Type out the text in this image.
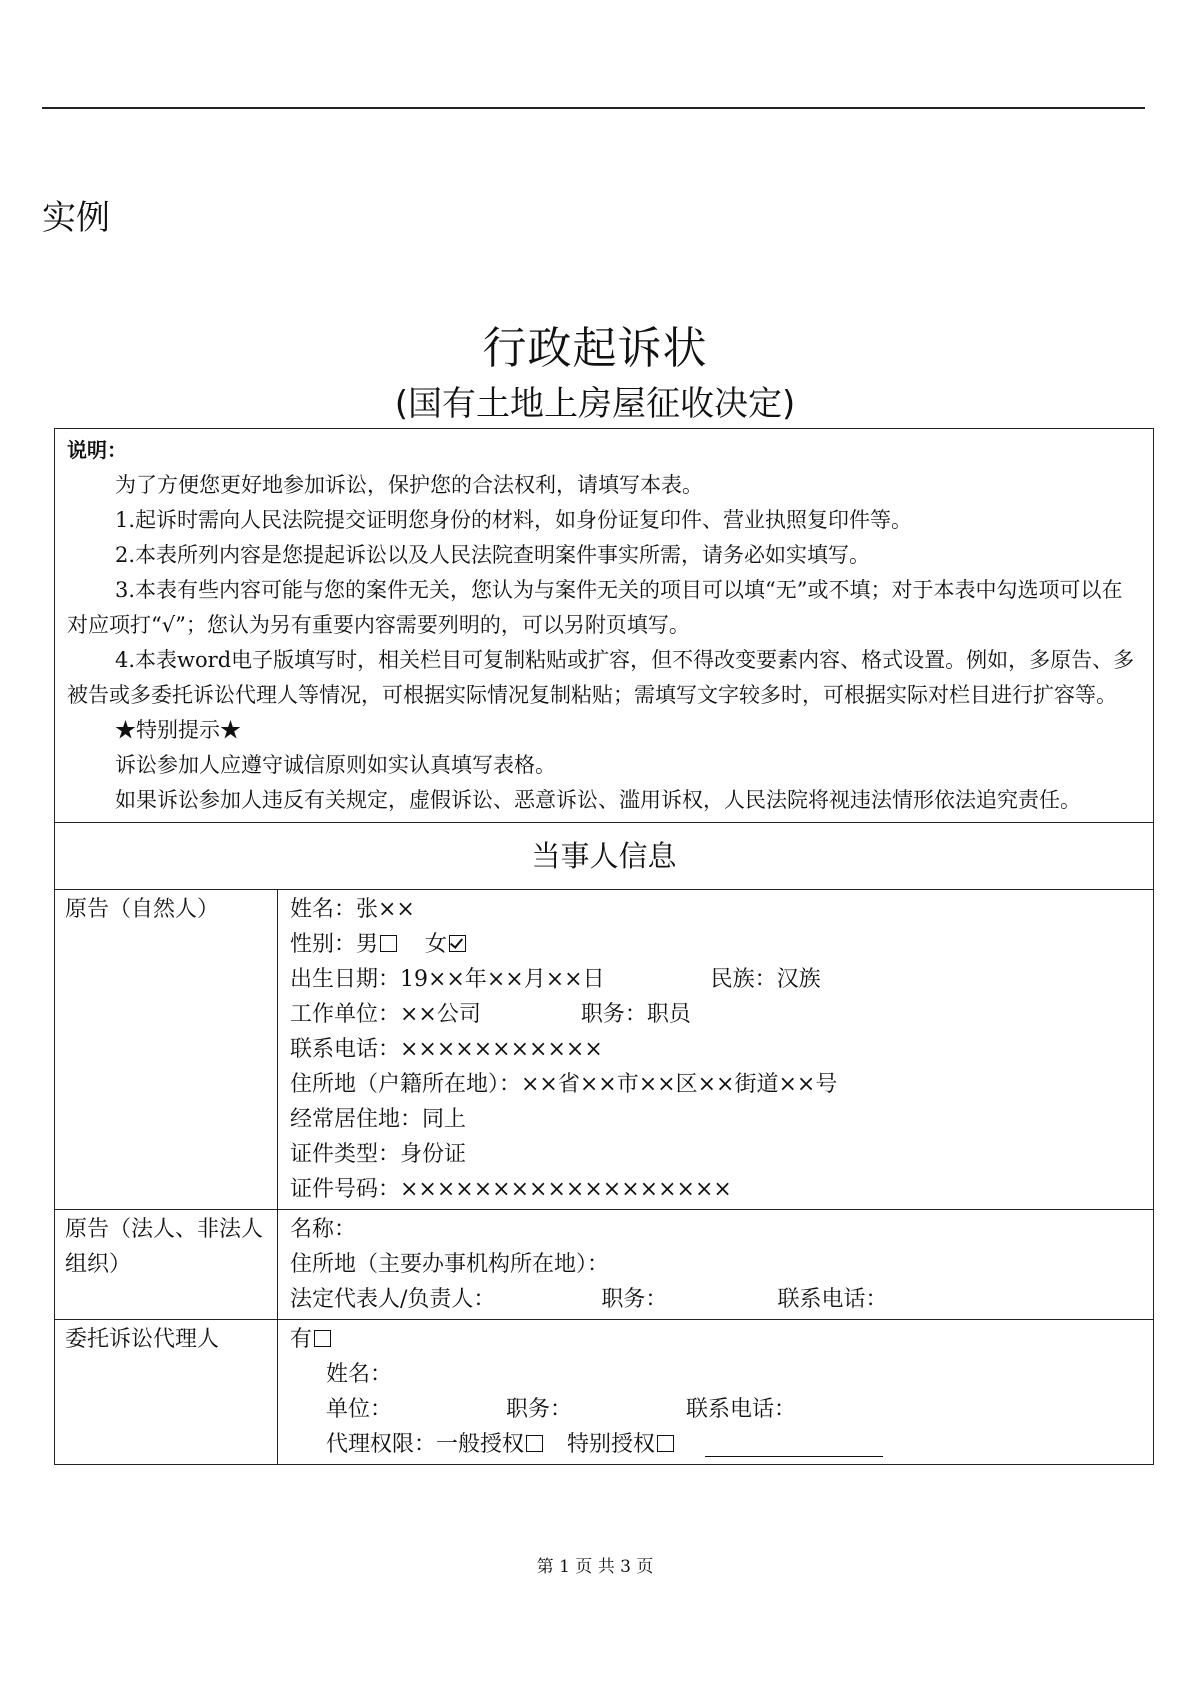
实例
行政起诉状
(国有土地上房屋征收决定)
说明：

为了方便您更好地参加诉讼，保护您的合法权利，请填写本表。

1.起诉时需向人民法院提交证明您身份的材料，如身份证复印件、营业执照复印件等。

2.本表所列内容是您提起诉讼以及人民法院查明案件事实所需，请务必如实填写。

3.本表有些内容可能与您的案件无关，您认为与案件无关的项目可以填“无”或不填；对于本表中勾选项可以在对应项打“√”；您认为另有重要内容需要列明的，可以另附页填写。

4.本表word电子版填写时，相关栏目可复制粘贴或扩容，但不得改变要素内容、格式设置。例如，多原告、多被告或多委托诉讼代理人等情况，可根据实际情况复制粘贴；需填写文字较多时，可根据实际对栏目进行扩容等。

★特别提示★

诉讼参加人应遵守诚信原则如实认真填写表格。

如果诉讼参加人违反有关规定，虚假诉讼、恶意诉讼、滥用诉权，人民法院将视违法情形依法追究责任。

当事人信息
原告（自然人）	姓名：张××
性别：男 女
出生日期：19××年××月××日	民族：汉族
工作单位：××公司	职务：职员
联系电话：×××××××××××
住所地（户籍所在地）：××省××市××区××街道××号
经常居住地：同上
证件类型：身份证
证件号码：××××××××××××××××××
原告（法人、非法人组织）
名称：
住所地（主要办事机构所在地）：
法定代表人/负责人：	职务：	联系电话：
委托诉讼代理人	有
姓名：
单位：	职务：	联系电话：
代理权限：一般授权 特别授权
第 1 页 共 3 页
